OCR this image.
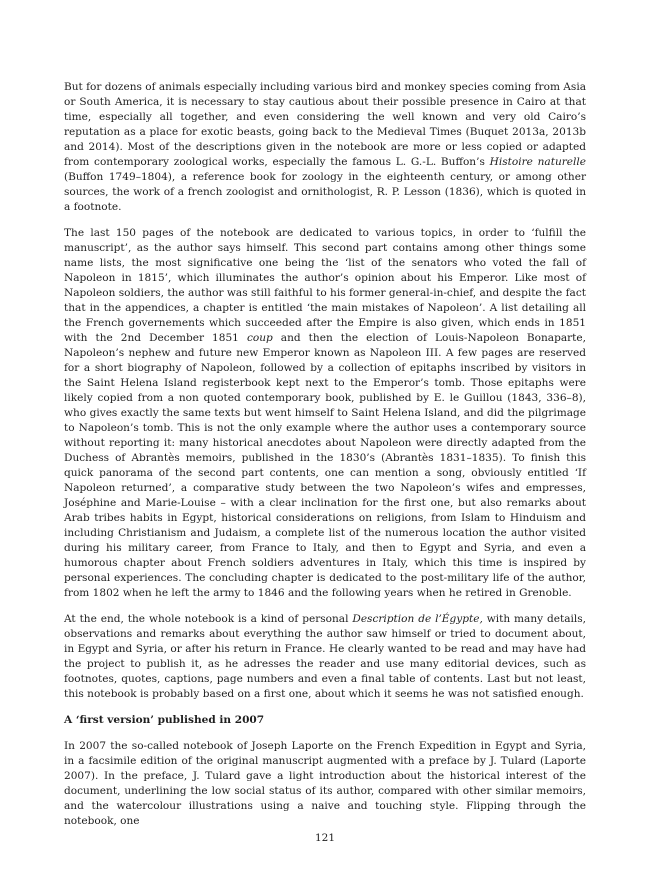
But for dozens of animals especially including various bird and monkey species coming from Asia or South America, it is necessary to stay cautious about their possible presence in Cairo at that time, especially all together, and even considering the well known and very old Cairo’s reputation as a place for exotic beasts, going back to the Medieval Times (Buquet 2013a, 2013b and 2014). Most of the descriptions given in the notebook are more or less copied or adapted from contemporary zoological works, especially the famous L. G.-L. Buffon’s Histoire naturelle (Buffon 1749–1804), a reference book for zoology in the eighteenth century, or among other sources, the work of a french zoologist and ornithologist, R. P. Lesson (1836), which is quoted in a footnote.

The last 150 pages of the notebook are dedicated to various topics, in order to ‘fulfill the manuscript’, as the author says himself. This second part contains among other things some name lists, the most significative one being the ‘list of the senators who voted the fall of Napoleon in 1815’, which illuminates the author’s opinion about his Emperor. Like most of Napoleon soldiers, the author was still faithful to his former general-in-chief, and despite the fact that in the appendices, a chapter is entitled ‘the main mistakes of Napoleon’. A list detailing all the French governements which succeeded after the Empire is also given, which ends in 1851 with the 2nd December 1851 coup and then the election of Louis-Napoleon Bonaparte, Napoleon’s nephew and future new Emperor known as Napoleon III. A few pages are reserved for a short biography of Napoleon, followed by a collection of epitaphs inscribed by visitors in the Saint Helena Island registerbook kept next to the Emperor’s tomb. Those epitaphs were likely copied from a non quoted contemporary book, published by E. le Guillou (1843, 336–8), who gives exactly the same texts but went himself to Saint Helena Island, and did the pilgrimage to Napoleon’s tomb. This is not the only example where the author uses a contemporary source without reporting it: many historical anecdotes about Napoleon were directly adapted from the Duchess of Abrantès memoirs, published in the 1830’s (Abrantès 1831–1835). To finish this quick panorama of the second part contents, one can mention a song, obviously entitled ‘If Napoleon returned’, a comparative study between the two Napoleon’s wifes and empresses, Joséphine and Marie-Louise – with a clear inclination for the first one, but also remarks about Arab tribes habits in Egypt, historical considerations on religions, from Islam to Hinduism and including Christianism and Judaism, a complete list of the numerous location the author visited during his military career, from France to Italy, and then to Egypt and Syria, and even a humorous chapter about French soldiers adventures in Italy, which this time is inspired by personal experiences. The concluding chapter is dedicated to the post-military life of the author, from 1802 when he left the army to 1846 and the following years when he retired in Grenoble.

At the end, the whole notebook is a kind of personal Description de l’Égypte, with many details, observations and remarks about everything the author saw himself or tried to document about, in Egypt and Syria, or after his return in France. He clearly wanted to be read and may have had the project to publish it, as he adresses the reader and use many editorial devices, such as footnotes, quotes, captions, page numbers and even a final table of contents. Last but not least, this notebook is probably based on a first one, about which it seems he was not satisfied enough.

A ‘first version’ published in 2007

In 2007 the so-called notebook of Joseph Laporte on the French Expedition in Egypt and Syria, in a facsimile edition of the original manuscript augmented with a preface by J. Tulard (Laporte 2007). In the preface, J. Tulard gave a light introduction about the historical interest of the document, underlining the low social status of its author, compared with other similar memoirs, and the watercolour illustrations using a naive and touching style. Flipping through the notebook, one

121
